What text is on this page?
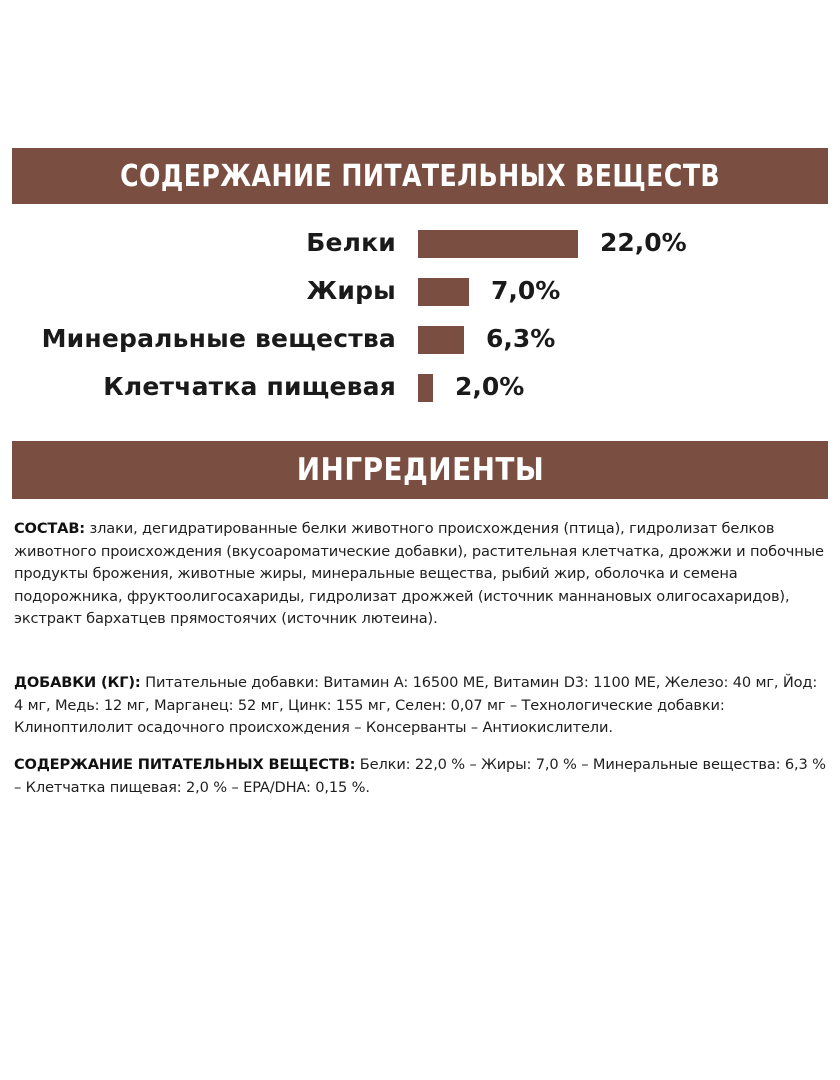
СОДЕРЖАНИЕ ПИТАТЕЛЬНЫХ ВЕЩЕСТВ
Белки	22,0%
Жиры	7,0%
Минеральные вещества	6,3%
Клетчатка пищевая 2,0%
ИНГРЕДИЕНТЫ
СОСТАВ: злаки, дегидратированные белки животного происхождения (птица), гидролизат белков животного происхождения (вкусоароматические добавки), растительная клетчатка, дрожжи и побочные продукты брожения, животные жиры, минеральные вещества, рыбий жир, оболочка и семена подорожника, фруктоолигосахариды, гидролизат дрожжей (источник маннановых олигосахаридов), экстракт бархатцев прямостоячих (источник лютеина).
ДОБАВКИ (КГ): Питательные добавки: Витамин A: 16500 МЕ, Витамин D3: 1100 МЕ, Железо: 40 мг, Йод: 4 мг, Медь: 12 мг, Марганец: 52 мг, Цинк: 155 мг, Селен: 0,07 мг – Технологические добавки: Клиноптилолит осадочного происхождения – Консерванты – Антиокислители.
СОДЕРЖАНИЕ ПИТАТЕЛЬНЫХ ВЕЩЕСТВ: Белки: 22,0 % – Жиры: 7,0 % – Минеральные вещества: 6,3 % – Клетчатка пищевая: 2,0 % – EPA/DHA: 0,15 %.
